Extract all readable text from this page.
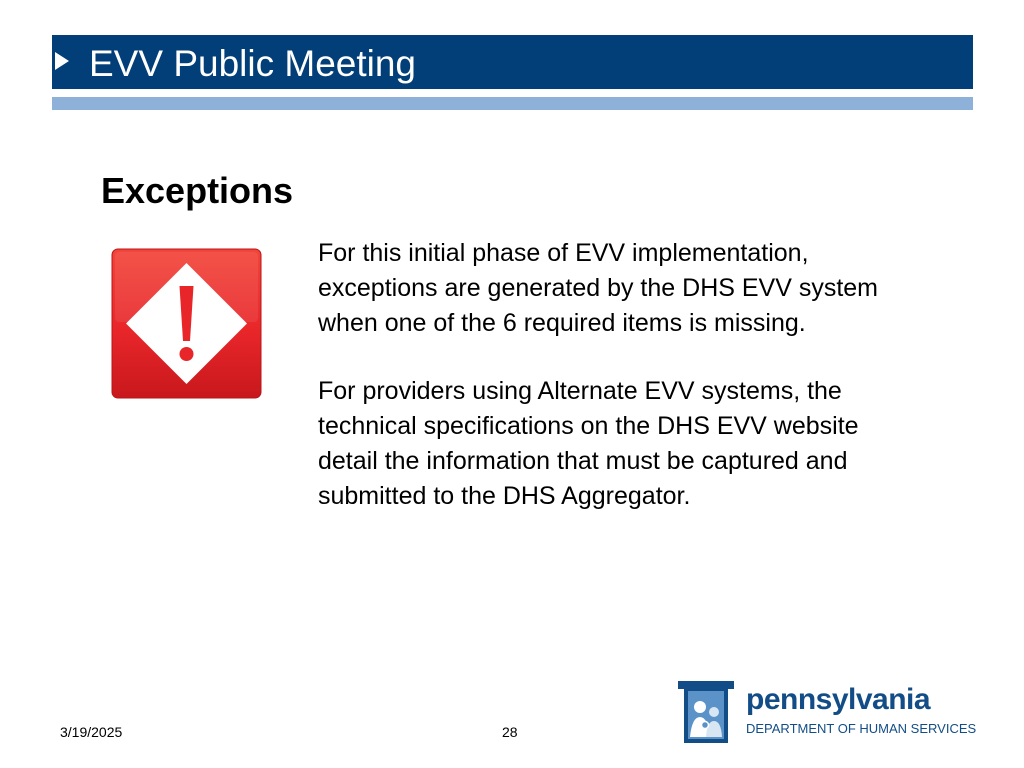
EVV Public Meeting
Exceptions

For this initial phase of EVV implementation,
exceptions are generated by the DHS EVV system
when one of the 6 required items is missing.

For providers using Alternate EVV systems, the
technical specifications on the DHS EVV website
detail the information that must be captured and
submitted to the DHS Aggregator.

3/19/2025	28
pennsylvania
DEPARTMENT OF HUMAN SERVICES
